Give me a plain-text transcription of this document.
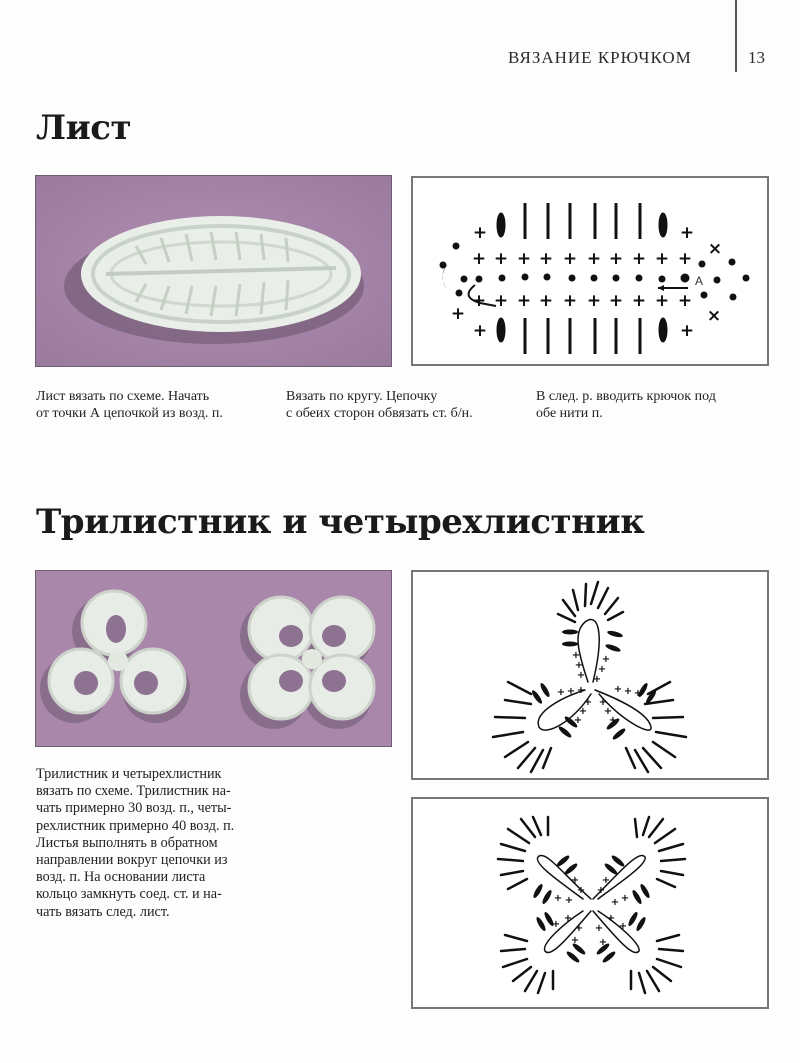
ВЯЗАНИЕ КРЮЧКОМ	13
Лист
+	+
+ + + + + + + + + +
+ + + + + + + + + +
+
+	+
×
×
A
Лист вязать по схеме. Начать
от точки А цепочкой из возд. п.
Вязать по кругу. Цепочку
с обеих сторон обвязать ст. б/н.
В след. р. вводить крючок под
обе нити п.
Трилистник и четырехлистник
+
+
+
+
+
+
+ + +	+ + +
+
+
+
+
+
+
+
+
+ +
+
+
+
+
+
+ +
+
+
+
+
+
Трилистник и четырехлистник
вязать по схеме. Трилистник на-
чать примерно 30 возд. п., четы-
рехлистник примерно 40 возд. п.
Листья выполнять в обратном
направлении вокруг цепочки из
возд. п. На основании листа
кольцо замкнуть соед. ст. и на-
чать вязать след. лист.
